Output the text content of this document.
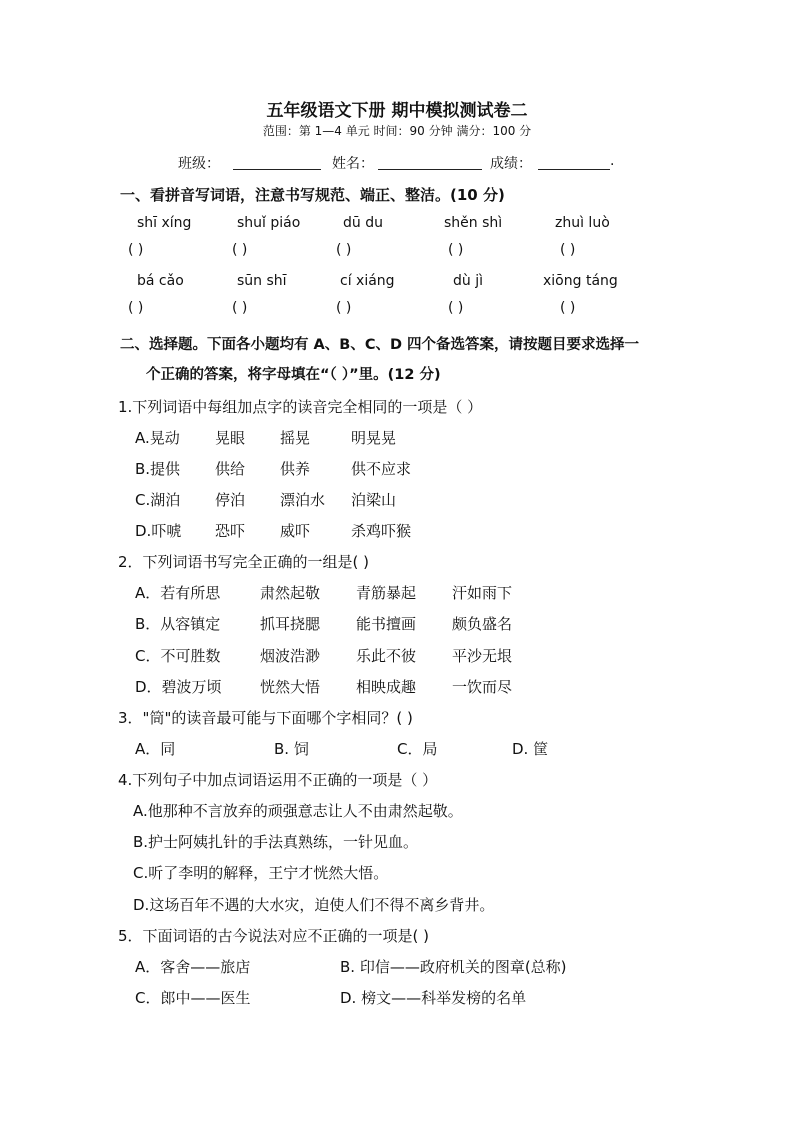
五年级语文下册 期中模拟测试卷二
范围：第 1—4 单元 时间：90 分钟 满分：100 分
班级：	姓名：	成绩：	.
一、看拼音写词语，注意书写规范、端正、整洁。(10 分)
shī xíng	shuǐ piáo	dū du	shěn shì	zhuì luò
( )	( )	( )	( )	( )
bá cǎo	sūn shī	cí xiáng	dù jì	xiōng táng
( )	( )	( )	( )	( )
二、选择题。下面各小题均有 A、B、C、D 四个备选答案，请按题目要求选择一
个正确的答案，将字母填在“（ ）”里。(12 分)
1.下列词语中每组加点字的读音完全相同的一项是（ ）
A.晃动 晃眼 摇晃	明晃晃
B.提供 供给 供养	供不应求
C.湖泊 停泊 漂泊水 泊梁山
D.吓唬 恐吓 威吓	杀鸡吓猴
2．下列词语书写完全正确的一组是( )
A．若有所思	肃然起敬 青筋暴起 汗如雨下
B．从容镇定	抓耳挠腮 能书擅画 颇负盛名
C．不可胜数	烟波浩渺 乐此不彼 平沙无垠
D．碧波万顷	恍然大悟 相映成趣 一饮而尽
3．"筒"的读音最可能与下面哪个字相同？( )
A．同	B. 饲	C．局	D. 筐
4.下列句子中加点词语运用不正确的一项是（ ）
A.他那种不言放弃的顽强意志让人不由肃然起敬。
B.护士阿姨扎针的手法真熟练，一针见血。
C.听了李明的解释，王宁才恍然大悟。
D.这场百年不遇的大水灾，迫使人们不得不离乡背井。
5．下面词语的古今说法对应不正确的一项是( )
A．客舍——旅店	B. 印信——政府机关的图章(总称)
C．郎中——医生	D. 榜文——科举发榜的名单
